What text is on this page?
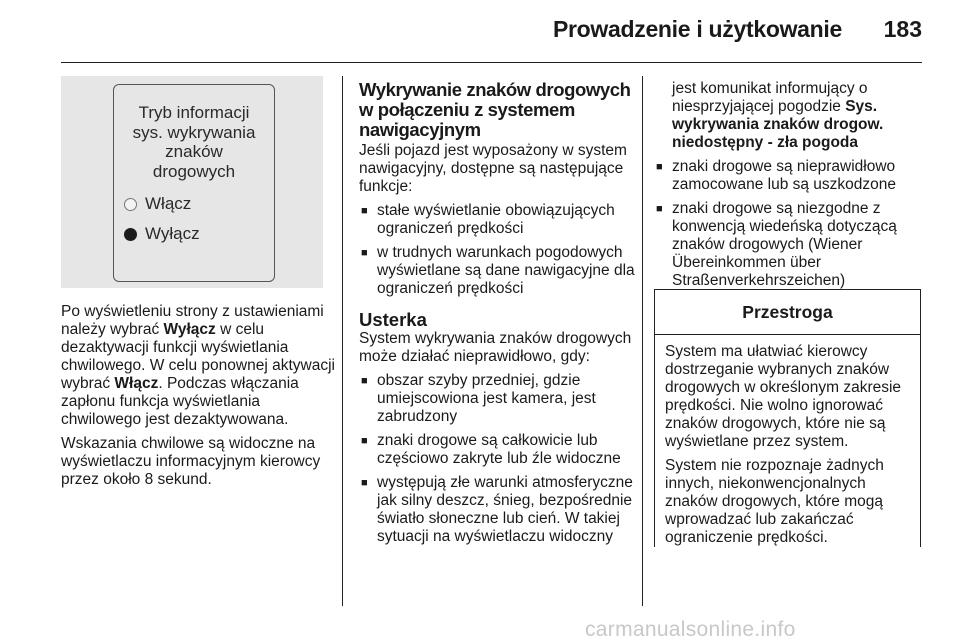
Prowadzenie i użytkowanie 183
Tryb informacji
sys. wykrywania
znaków
drogowych
Włącz
Wyłącz

Po wyświetleniu strony z ustawieniami należy wybrać Wyłącz w celu dezaktywacji funkcji wyświetlania chwilowego. W celu ponownej aktywacji wybrać Włącz. Podczas włączania zapłonu funkcja wyświetlania chwilowego jest dezaktywowana.

Wskazania chwilowe są widoczne na wyświetlaczu informacyjnym kierowcy przez około 8 sekund.

Wykrywanie znaków drogowych w połączeniu z systemem nawigacyjnym

Jeśli pojazd jest wyposażony w system nawigacyjny, dostępne są następujące funkcje:

■ stałe wyświetlanie obowiązujących ograniczeń prędkości
■ w trudnych warunkach pogodowych wyświetlane są dane nawigacyjne dla ograniczeń prędkości
Usterka

System wykrywania znaków drogowych może działać nieprawidłowo, gdy:

■ obszar szyby przedniej, gdzie umiejscowiona jest kamera, jest zabrudzony
■ znaki drogowe są całkowicie lub częściowo zakryte lub źle widoczne
■ występują złe warunki atmosferyczne jak silny deszcz, śnieg, bezpośrednie światło słoneczne lub cień. W takiej sytuacji na wyświetlaczu widoczny

jest komunikat informujący o niesprzyjającej pogodzie Sys. wykrywania znaków drogow. niedostępny - zła pogoda

■ znaki drogowe są nieprawidłowo zamocowane lub są uszkodzone
■ znaki drogowe są niezgodne z konwencją wiedeńską dotyczącą znaków drogowych (Wiener Übereinkommen über Straßenverkehrszeichen)
Przestroga

System ma ułatwiać kierowcy dostrzeganie wybranych znaków drogowych w określonym zakresie prędkości. Nie wolno ignorować znaków drogowych, które nie są wyświetlane przez system.

System nie rozpoznaje żadnych innych, niekonwencjonalnych znaków drogowych, które mogą wprowadzać lub zakańczać ograniczenie prędkości.

carmanualsonline.info
